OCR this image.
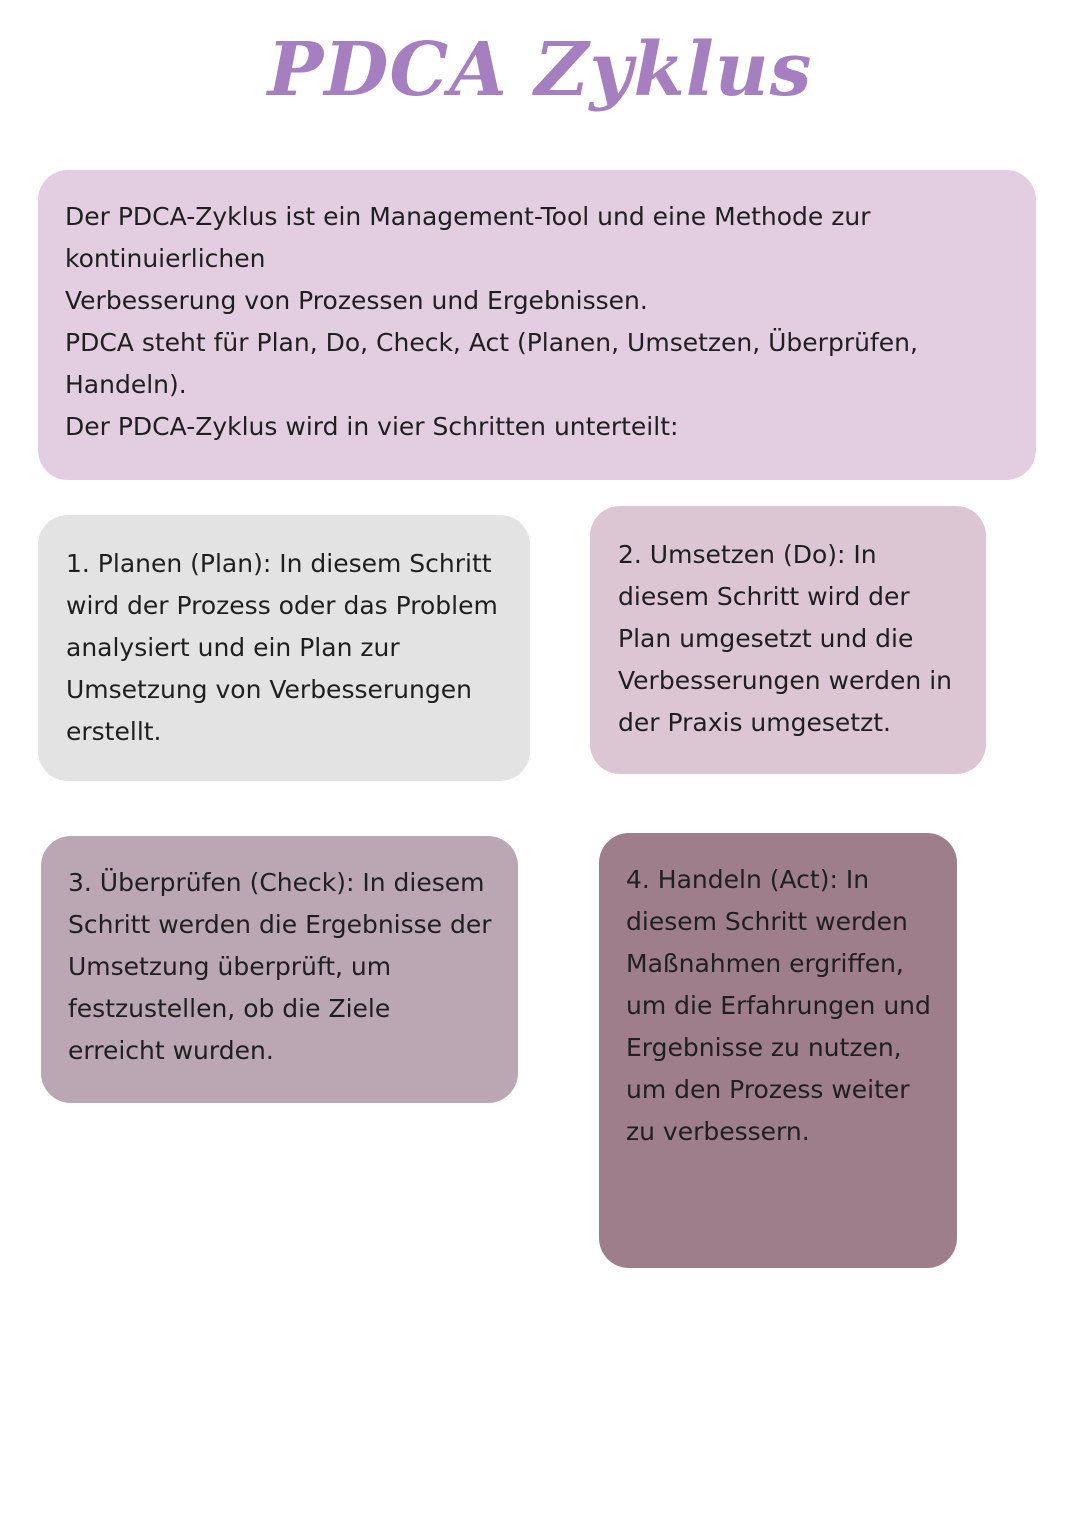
PDCA Zyklus

Der PDCA-Zyklus ist ein Management-Tool und eine Methode zur kontinuierlichen

Verbesserung von Prozessen und Ergebnissen.

PDCA steht für Plan, Do, Check, Act (Planen, Umsetzen, Überprüfen, Handeln).

Der PDCA-Zyklus wird in vier Schritten unterteilt:

1. Planen (Plan): In diesem Schritt wird der Prozess oder das Problem analysiert und ein Plan zur Umsetzung von Verbesserungen erstellt.

2. Umsetzen (Do): In diesem Schritt wird der Plan umgesetzt und die Verbesserungen werden in der Praxis umgesetzt.

3. Überprüfen (Check): In diesem Schritt werden die Ergebnisse der Umsetzung überprüft, um festzustellen, ob die Ziele erreicht wurden.

4. Handeln (Act): In diesem Schritt werden Maßnahmen ergriffen, um die Erfahrungen und Ergebnisse zu nutzen, um den Prozess weiter zu verbessern.
